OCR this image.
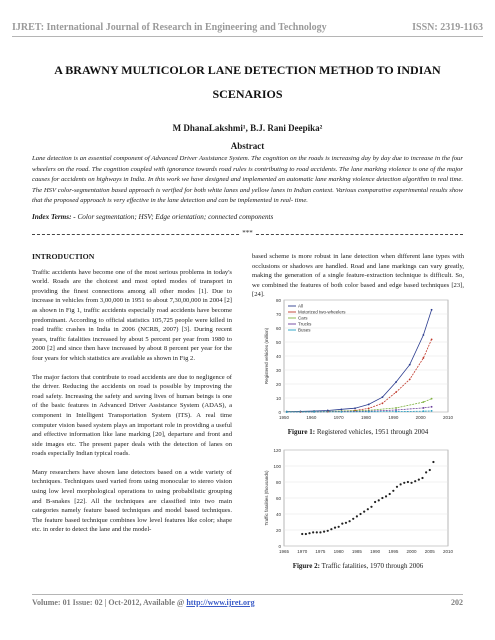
IJRET: International Journal of Research in Engineering and Technology	ISSN: 2319-1163
A BRAWNY MULTICOLOR LANE DETECTION METHOD TO INDIAN
SCENARIOS
M DhanaLakshmi¹, B.J. Rani Deepika²
Abstract
Lane detection is an essential component of Advanced Driver Assistance System. The cognition on the roads is increasing day by day due to increase in the four wheelers on the road. The cognition coupled with ignorance towards road rules is contributing to road accidents. The lane marking violence is one of the major causes for accidents on highways in India. In this work we have designed and implemented an automatic lane marking violence detection algorithm in real time. The HSV color-segmentation based approach is verified for both white lanes and yellow lanes in Indian context. Various comparative experimental results show that the proposed approach is very effective in the lane detection and can be implemented in real- time.
Index Terms: - Color segmentation; HSV; Edge orientation; connected components
***
INTRODUCTION

Traffic accidents have become one of the most serious problems in today's world. Roads are the choicest and most opted modes of transport in providing the finest connections among all other modes [1]. Due to increase in vehicles from 3,00,000 in 1951 to about 7,30,00,000 in 2004 [2] as shown in Fig 1, traffic accidents especially road accidents have become predominant. According to official statistics 105,725 people were killed in road traffic crashes in India in 2006 (NCRB, 2007) [3]. During recent years, traffic fatalities increased by about 5 percent per year from 1980 to 2000 [2] and since then have increased by about 8 percent per year for the four years for which statistics are available as shown in Fig 2.

The major factors that contribute to road accidents are due to negligence of the driver. Reducing the accidents on road is possible by improving the road safety. Increasing the safety and saving lives of human beings is one of the basic features in Advanced Driver Assistance System (ADAS), a component in Intelligent Transportation System (ITS). A real time computer vision based system plays an important role in providing a useful and effective information like lane marking [20], departure and front and side images etc. The present paper deals with the detection of lanes on roads especially Indian typical roads.

Many researchers have shown lane detectors based on a wide variety of techniques. Techniques used varied from using monocular to stereo vision using low level morphological operations to using probabilistic grouping and B-snakes [22]. All the techniques are classified into two main categories namely feature based techniques and model based techniques. The feature based technique combines low level features like color; shape etc. in order to detect the lane and the model-

based scheme is more robust in lane detection when different lane types with occlusions or shadows are handled. Road and lane markings can vary greatly, making the generation of a single feature-extraction technique is difficult. So, we combined the features of both color based and edge based techniques [23], [24].

0
10
20
30
40
50
60
70
80
1950	1960	1970	1980	1990	2000	2010
Registered vehicles (million)
All
Motorized two-wheelers
Cars
Trucks
Buses
Figure 1: Registered vehicles, 1951 through 2004
0
20
40
60
80
100
120
1965 1970 1975 1980 1985 1990 1995 2000 2005 2010
Traffic fatalities (thousands)
Figure 2: Traffic fatalities, 1970 through 2006
Volume: 01 Issue: 02 | Oct-2012, Available @ http://www.ijret.org	202
